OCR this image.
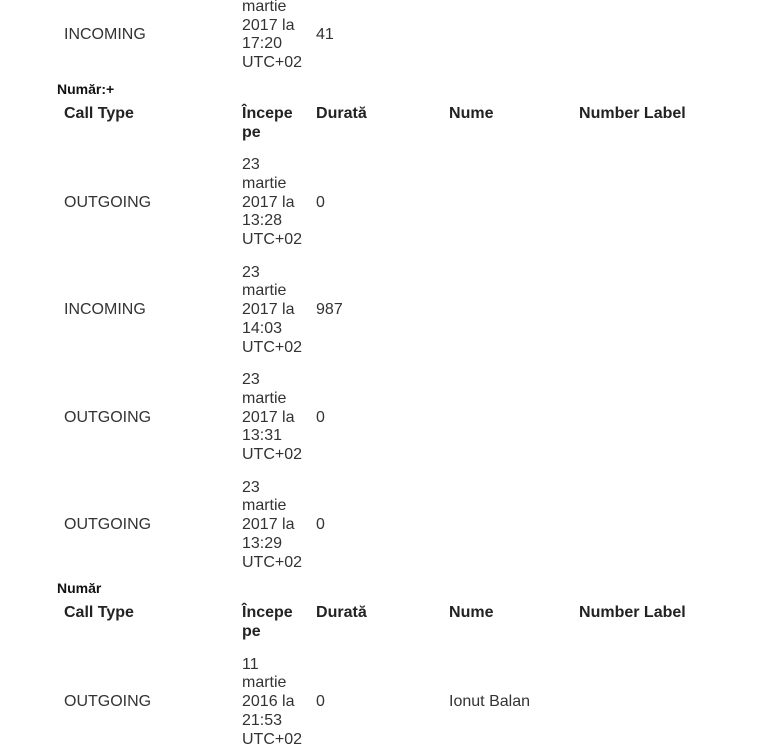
INCOMING	martie 2017 la 17:20 UTC+02	41		
Număr:+
Call Type	Începe pe	Durată	Nume	Number Label
OUTGOING	23 martie 2017 la 13:28 UTC+02	0		
INCOMING	23 martie 2017 la 14:03 UTC+02	987		
OUTGOING	23 martie 2017 la 13:31 UTC+02	0		
OUTGOING	23 martie 2017 la 13:29 UTC+02	0		
Număr
Call Type	Începe pe	Durată	Nume	Number Label
OUTGOING	11 martie 2016 la 21:53 UTC+02	0	Ionut Balan	
